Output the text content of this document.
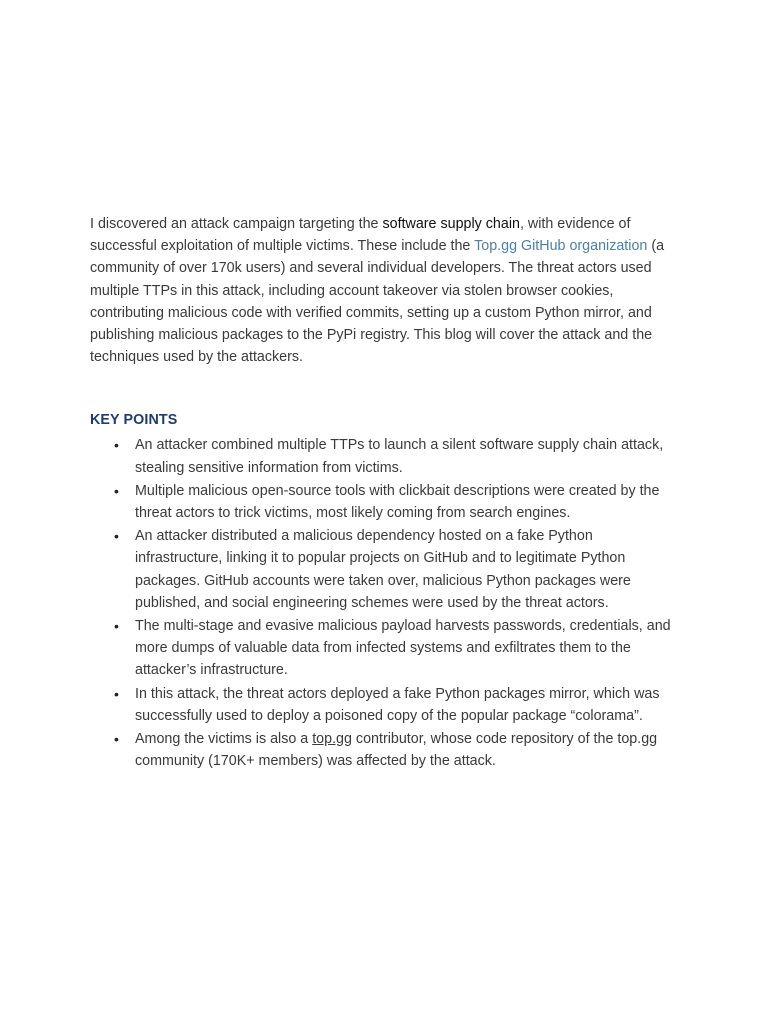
I discovered an attack campaign targeting the software supply chain, with evidence of successful exploitation of multiple victims. These include the Top.gg GitHub organization (a community of over 170k users) and several individual developers. The threat actors used multiple TTPs in this attack, including account takeover via stolen browser cookies, contributing malicious code with verified commits, setting up a custom Python mirror, and publishing malicious packages to the PyPi registry. This blog will cover the attack and the techniques used by the attackers.

KEY POINTS
• An attacker combined multiple TTPs to launch a silent software supply chain attack, stealing sensitive information from victims.
• Multiple malicious open-source tools with clickbait descriptions were created by the threat actors to trick victims, most likely coming from search engines.
• An attacker distributed a malicious dependency hosted on a fake Python infrastructure, linking it to popular projects on GitHub and to legitimate Python packages. GitHub accounts were taken over, malicious Python packages were published, and social engineering schemes were used by the threat actors.
• The multi-stage and evasive malicious payload harvests passwords, credentials, and more dumps of valuable data from infected systems and exfiltrates them to the attacker’s infrastructure.
• In this attack, the threat actors deployed a fake Python packages mirror, which was successfully used to deploy a poisoned copy of the popular package “colorama”.
• Among the victims is also a top.gg contributor, whose code repository of the top.gg community (170K+ members) was affected by the attack.
